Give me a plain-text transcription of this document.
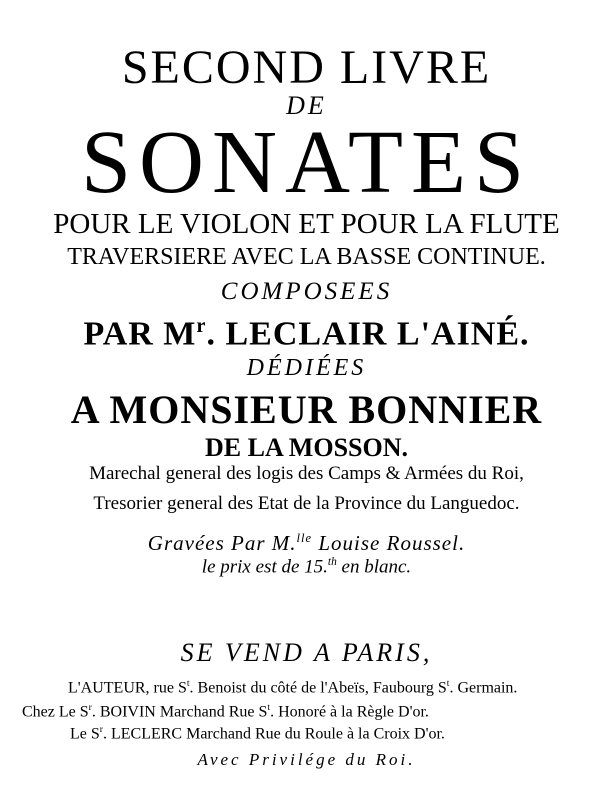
SECOND LIVRE
DE
SONATES
POUR LE VIOLON ET POUR LA FLUTE
TRAVERSIERE AVEC LA BASSE CONTINUE.
COMPOSEES
PAR $M^r$. LECLAIR L'AINÉ.
DÉDIÉES
A MONSIEUR BONNIER
DE LA MOSSON.
Marechal general des logis des Camps & Armées du Roi,
Tresorier general des Etat de la Province du Languedoc.
Gravées Par M.$^{lle}$ Louise Roussel.
le prix est de 15.$^{th}$ en blanc.
SE VEND A PARIS,
L'AUTEUR, rue $S^t$. Benoist du côté de l'Abeïs, Faubourg $S^t$. Germain.
Chez Le $S^r$. BOIVIN Marchand Rue $S^t$. Honoré à la Règle D'or.
Le $S^r$. LECLERC Marchand Rue du Roule à la Croix D'or.
Avec Privilége du Roi.
